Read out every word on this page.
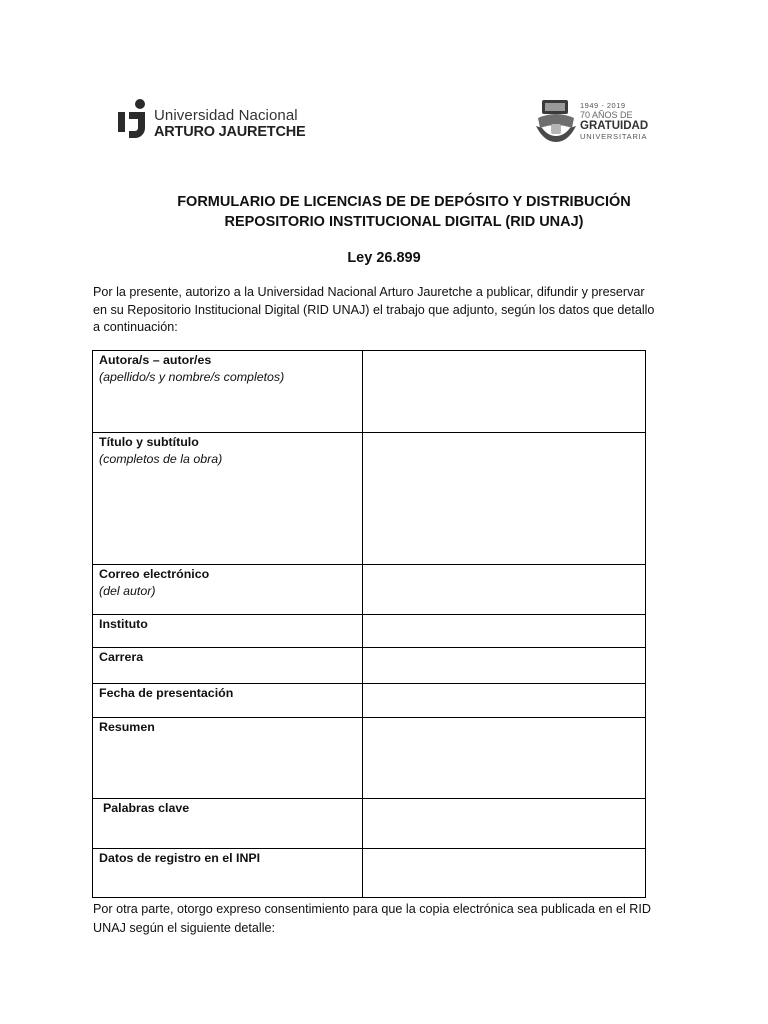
Universidad Nacional
ARTURO JAURETCHE
1949 - 2019
70 AÑOS DE
GRATUIDAD
UNIVERSITARIA
FORMULARIO DE LICENCIAS DE DE DEPÓSITO Y DISTRIBUCIÓN
REPOSITORIO INSTITUCIONAL DIGITAL (RID UNAJ)
Ley 26.899
Por la presente, autorizo a la Universidad Nacional Arturo Jauretche a publicar, difundir y preservar
en su Repositorio Institucional Digital (RID UNAJ) el trabajo que adjunto, según los datos que detallo
a continuación:
Autora/s – autor/es
(apellido/s y nombre/s completos)	

Título y subtítulo
(completos de la obra)	

Correo electrónico
(del autor)	

Instituto	

Carrera	

Fecha de presentación	

Resumen	

Palabras clave	

Datos de registro en el INPI	

Por otra parte, otorgo expreso consentimiento para que la copia electrónica sea publicada en el RID
UNAJ según el siguiente detalle:
